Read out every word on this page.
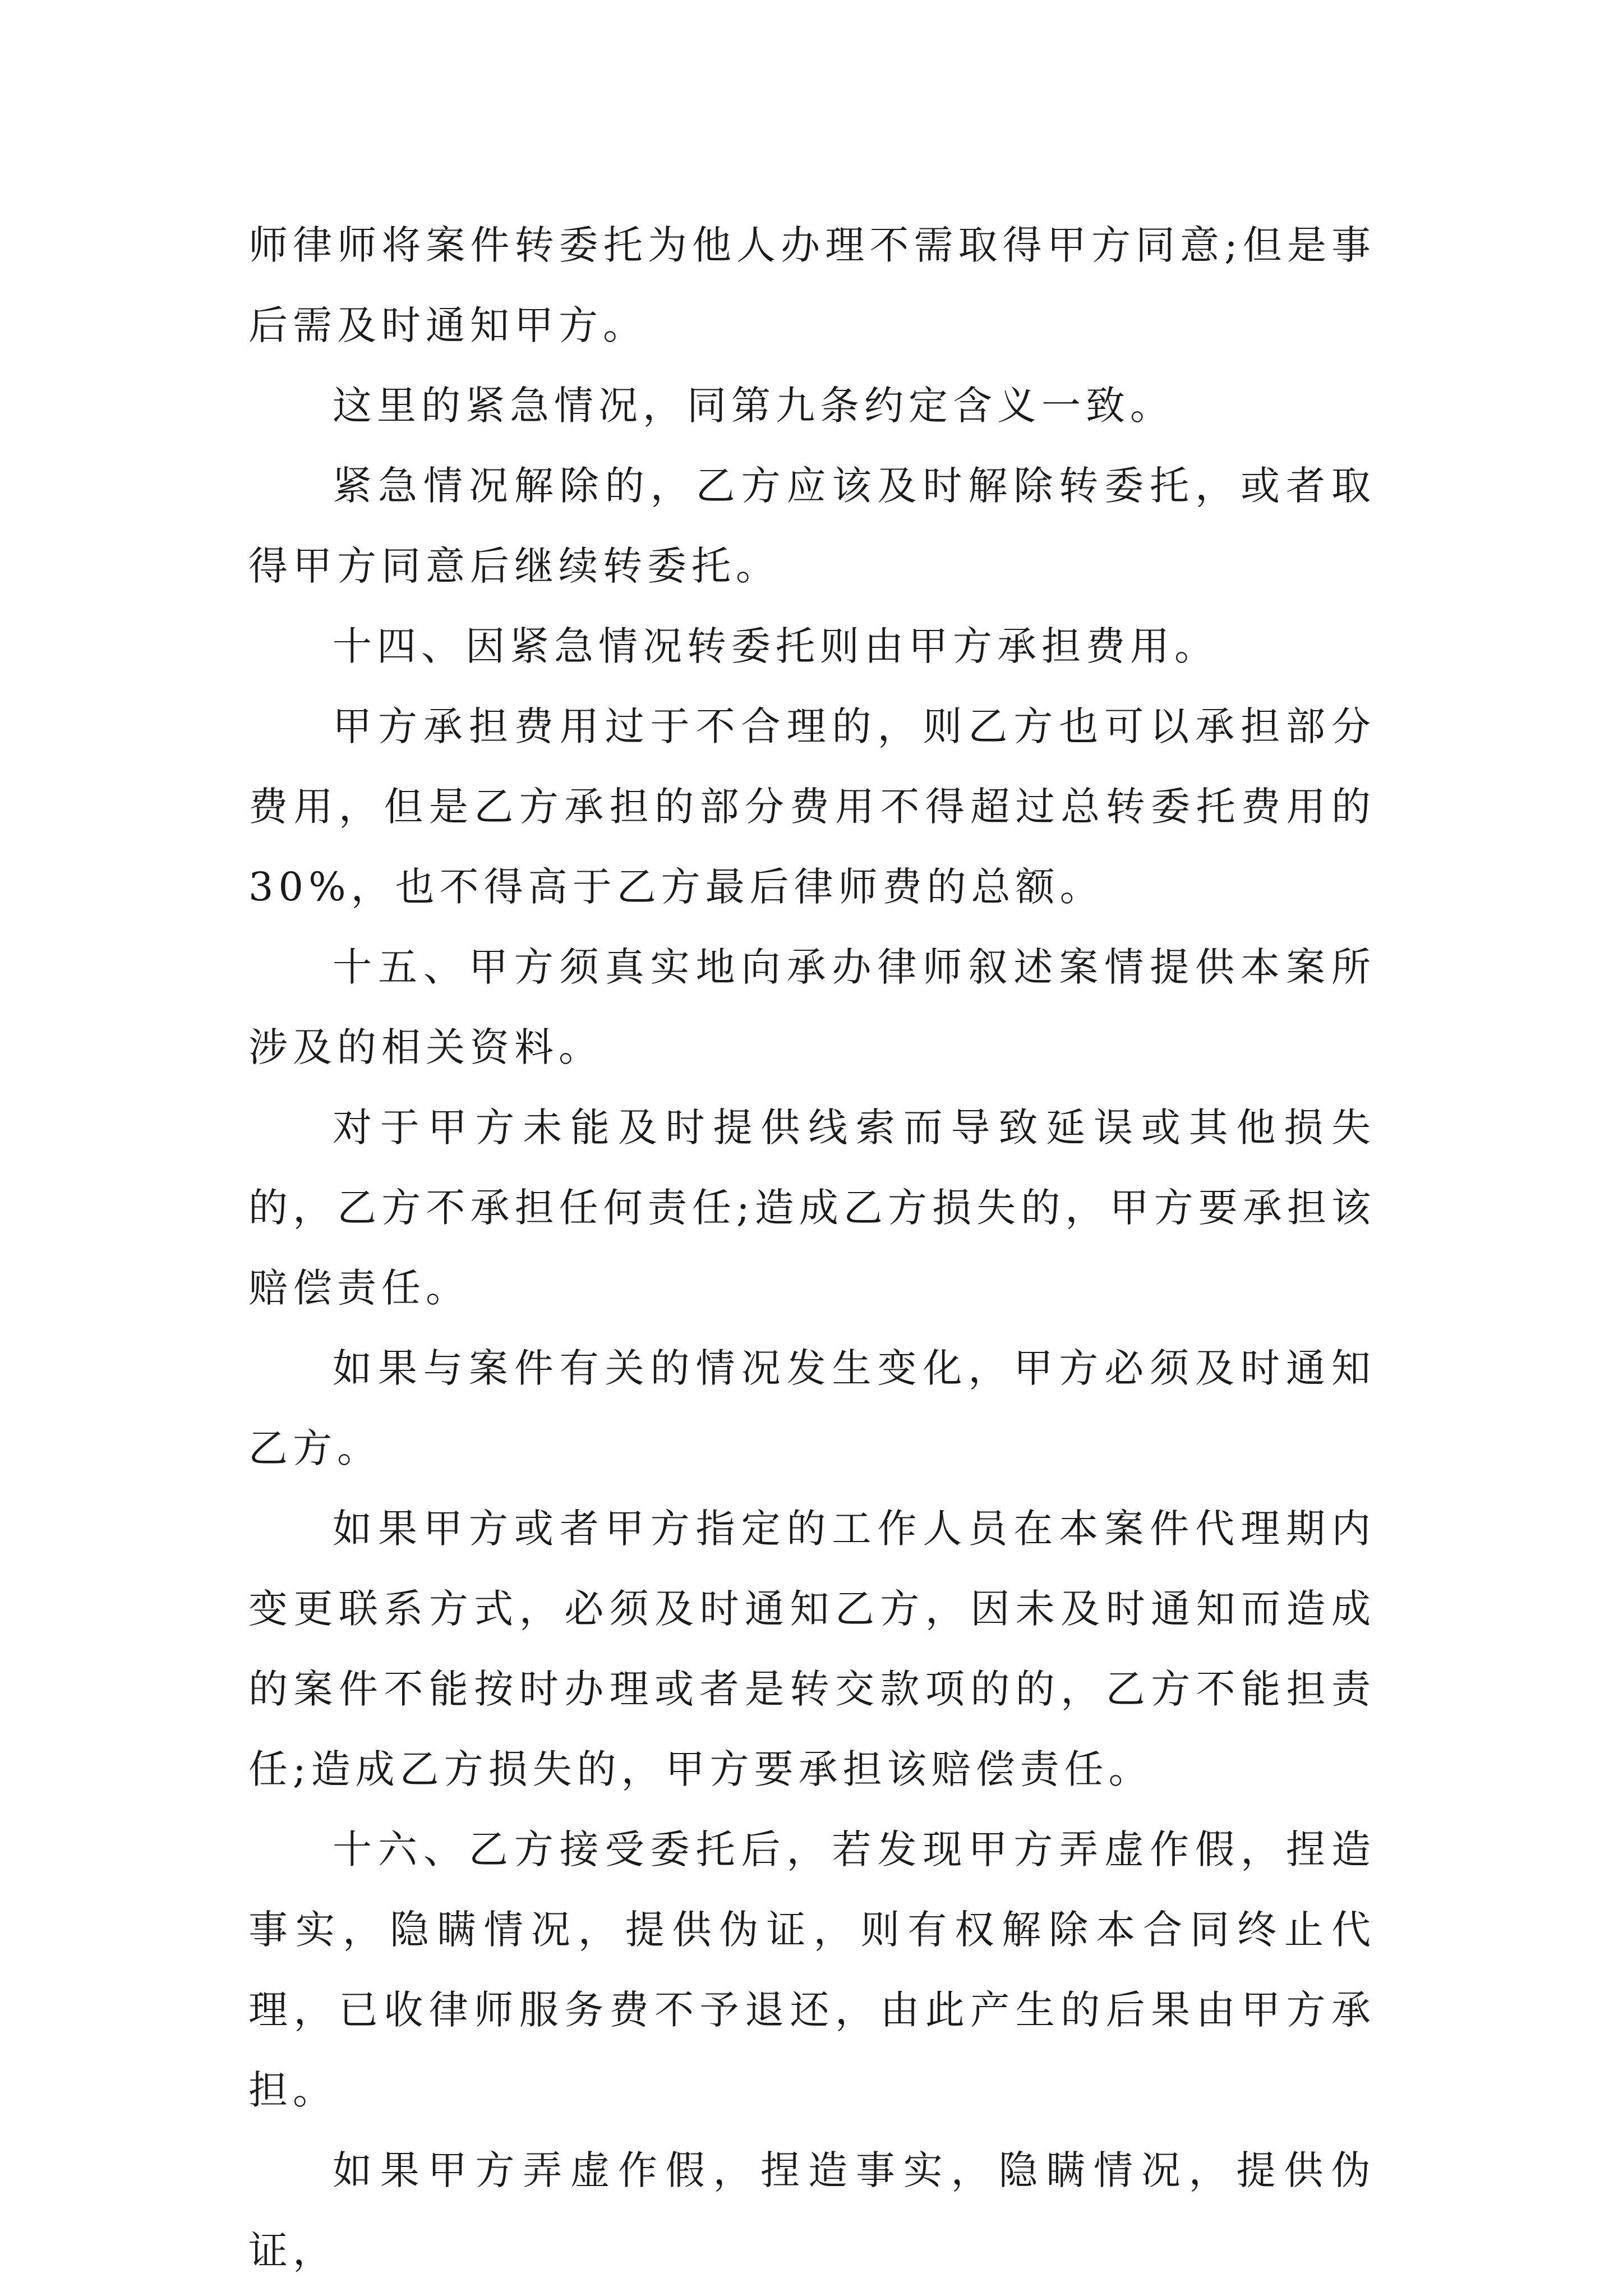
师律师将案件转委托为他人办理不需取得甲方同意;但是事后需及时通知甲方。

这里的紧急情况，同第九条约定含义一致。

紧急情况解除的，乙方应该及时解除转委托，或者取得甲方同意后继续转委托。

十四、因紧急情况转委托则由甲方承担费用。

甲方承担费用过于不合理的，则乙方也可以承担部分费用，但是乙方承担的部分费用不得超过总转委托费用的30%，也不得高于乙方最后律师费的总额。

十五、甲方须真实地向承办律师叙述案情提供本案所涉及的相关资料。

对于甲方未能及时提供线索而导致延误或其他损失的，乙方不承担任何责任;造成乙方损失的，甲方要承担该赔偿责任。

如果与案件有关的情况发生变化，甲方必须及时通知乙方。

如果甲方或者甲方指定的工作人员在本案件代理期内变更联系方式，必须及时通知乙方，因未及时通知而造成的案件不能按时办理或者是转交款项的的，乙方不能担责任;造成乙方损失的，甲方要承担该赔偿责任。

十六、乙方接受委托后，若发现甲方弄虚作假，捏造事实，隐瞒情况，提供伪证，则有权解除本合同终止代理，已收律师服务费不予退还，由此产生的后果由甲方承担。

如果甲方弄虚作假，捏造事实，隐瞒情况，提供伪证，
